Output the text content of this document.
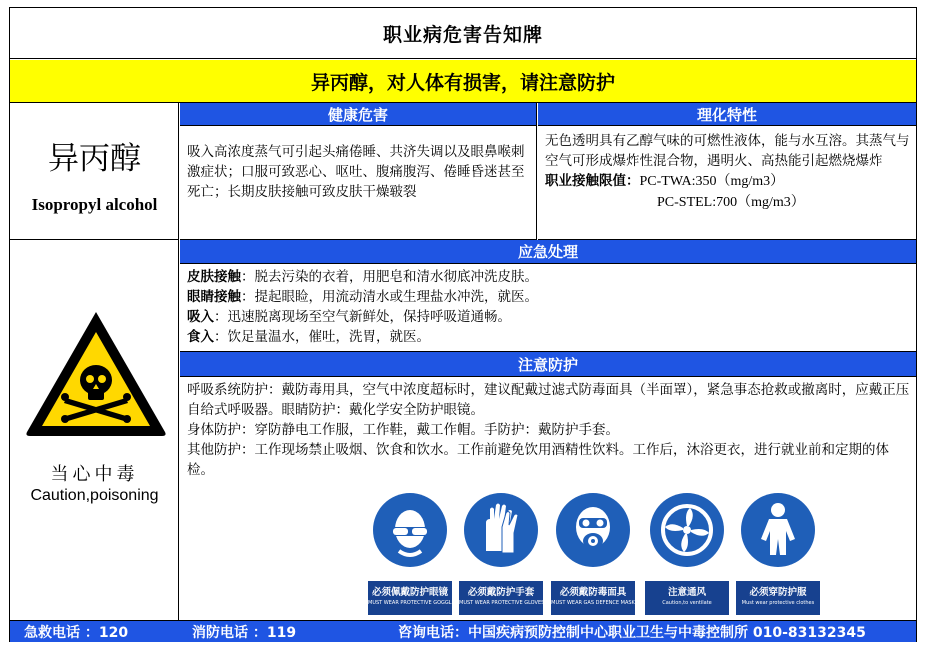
职业病危害告知牌
异丙醇，对人体有损害，请注意防护
异丙醇
Isopropyl alcohol
健康危害	理化特性
吸入高浓度蒸气可引起头痛倦睡、共济失调以及眼鼻喉刺激症状；口服可致恶心、呕吐、腹痛腹泻、倦睡昏迷甚至死亡；长期皮肤接触可致皮肤干燥皲裂
无色透明具有乙醇气味的可燃性液体，能与水互溶。其蒸气与空气可形成爆炸性混合物，遇明火、高热能引起燃烧爆炸
职业接触限值：PC-TWA:350（mg/m3）
PC-STEL:700（mg/m3）
当心中毒
Caution,poisoning
应急处理
皮肤接触：脱去污染的衣着，用肥皂和清水彻底冲洗皮肤。
眼睛接触：提起眼睑，用流动清水或生理盐水冲洗，就医。
吸入：迅速脱离现场至空气新鲜处，保持呼吸道通畅。
食入：饮足量温水，催吐，洗胃，就医。
注意防护
呼吸系统防护：戴防毒用具，空气中浓度超标时，建议配戴过滤式防毒面具（半面罩），紧急事态抢救或撤离时，应戴正压自给式呼吸器。眼睛防护：戴化学安全防护眼镜。
身体防护：穿防静电工作服，工作鞋，戴工作帽。手防护：戴防护手套。
其他防护：工作现场禁止吸烟、饮食和饮水。工作前避免饮用酒精性饮料。工作后，沐浴更衣，进行就业前和定期的体检。
必须佩戴防护眼镜
MUST WEAR PROTECTIVE GOGGLES
必须戴防护手套
MUST WEAR PROTECTIVE GLOVES
必须戴防毒面具
MUST WEAR GAS DEFENCE MASK
注意通风
Caution,to ventilate
必须穿防护服
Must wear protective clothes
急救电话 ：120	消防电话 ：119	咨询电话：中国疾病预防控制中心职业卫生与中毒控制所 010-83132345
